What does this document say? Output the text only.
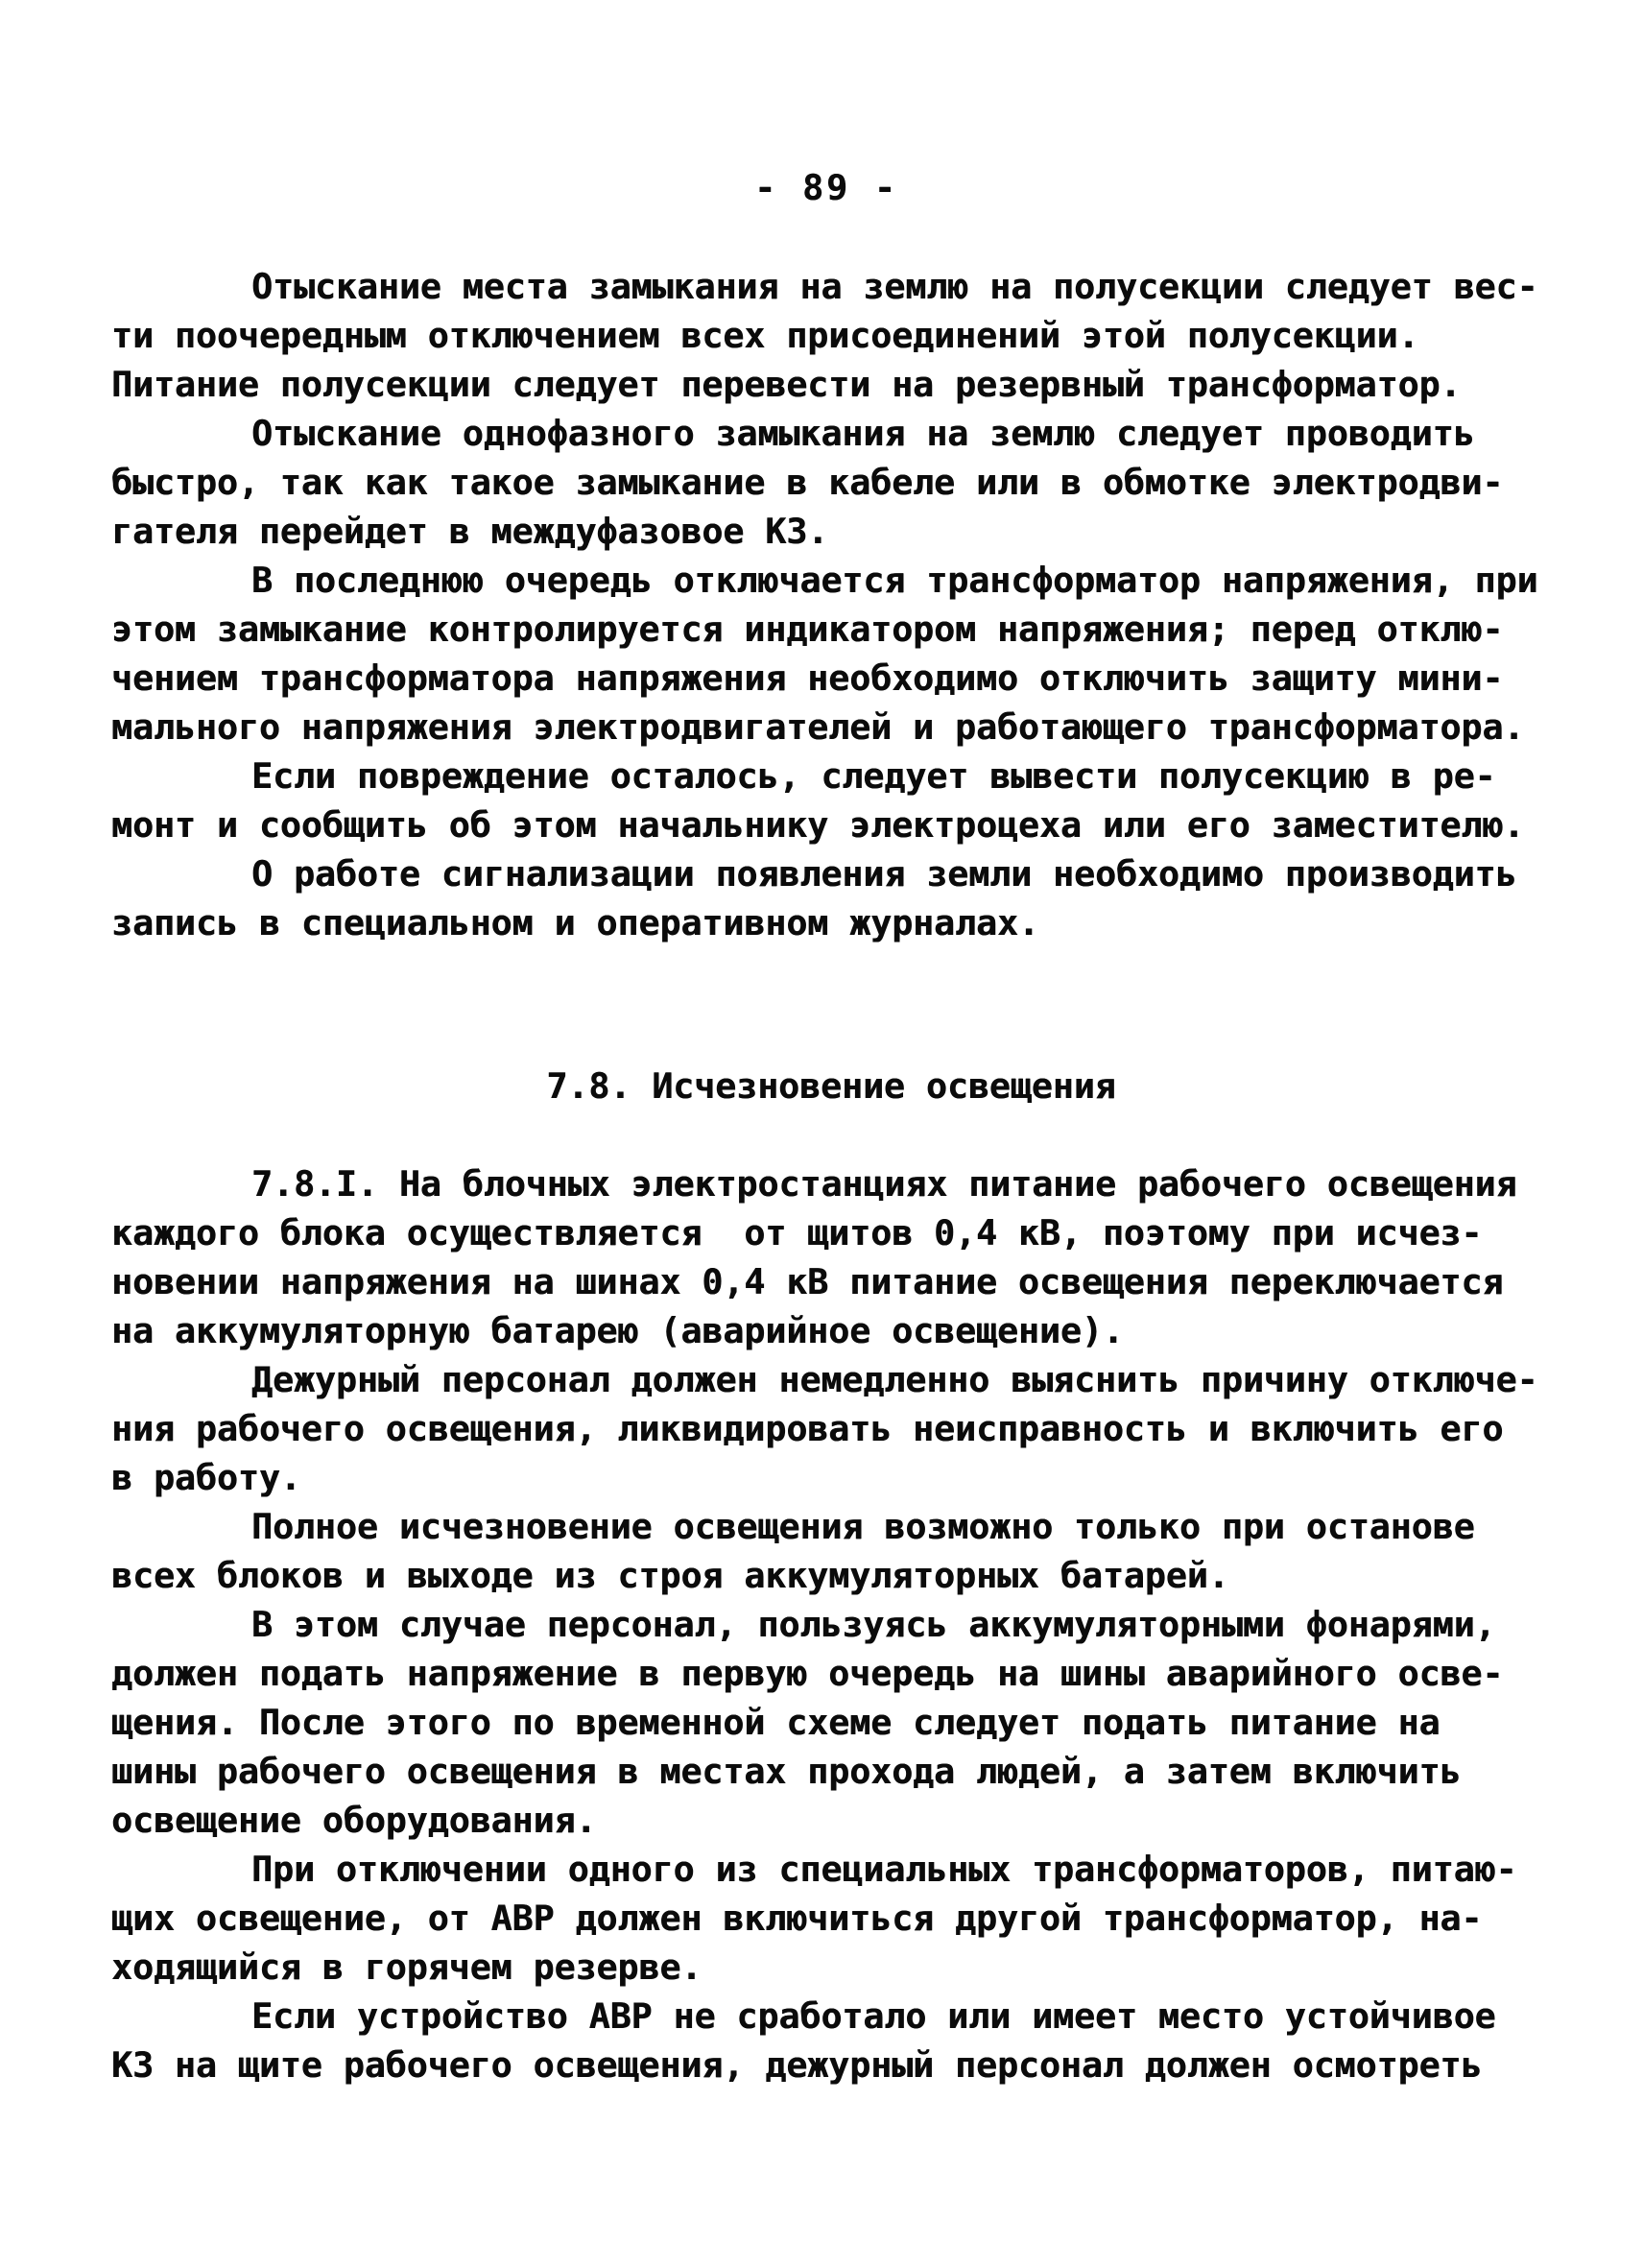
- 89 -
Отыскание места замыкания на землю на полусекции следует вес-
ти поочередным отключением всех присоединений этой полусекции.
Питание полусекции следует перевести на резервный трансформатор.
Отыскание однофазного замыкания на землю следует проводить
быстро, так как такое замыкание в кабеле или в обмотке электродви-
гателя перейдет в междуфазовое КЗ.
В последнюю очередь отключается трансформатор напряжения, при
этом замыкание контролируется индикатором напряжения; перед отклю-
чением трансформатора напряжения необходимо отключить защиту мини-
мального напряжения электродвигателей и работающего трансформатора.
Если повреждение осталось, следует вывести полусекцию в ре-
монт и сообщить об этом начальнику электроцеха или его заместителю.
О работе сигнализации появления земли необходимо производить
запись в специальном и оперативном журналах.
7.8. Исчезновение освещения
7.8.I. На блочных электростанциях питание рабочего освещения
каждого блока осуществляется  от щитов 0,4 кВ, поэтому при исчез-
новении напряжения на шинах 0,4 кВ питание освещения переключается
на аккумуляторную батарею (аварийное освещение).
Дежурный персонал должен немедленно выяснить причину отключе-
ния рабочего освещения, ликвидировать неисправность и включить его
в работу.
Полное исчезновение освещения возможно только при останове
всех блоков и выходе из строя аккумуляторных батарей.
В этом случае персонал, пользуясь аккумуляторными фонарями,
должен подать напряжение в первую очередь на шины аварийного осве-
щения. После этого по временной схеме следует подать питание на
шины рабочего освещения в местах прохода людей, а затем включить
освещение оборудования.
При отключении одного из специальных трансформаторов, питаю-
щих освещение, от АВР должен включиться другой трансформатор, на-
ходящийся в горячем резерве.
Если устройство АВР не сработало или имеет место устойчивое
КЗ на щите рабочего освещения, дежурный персонал должен осмотреть
